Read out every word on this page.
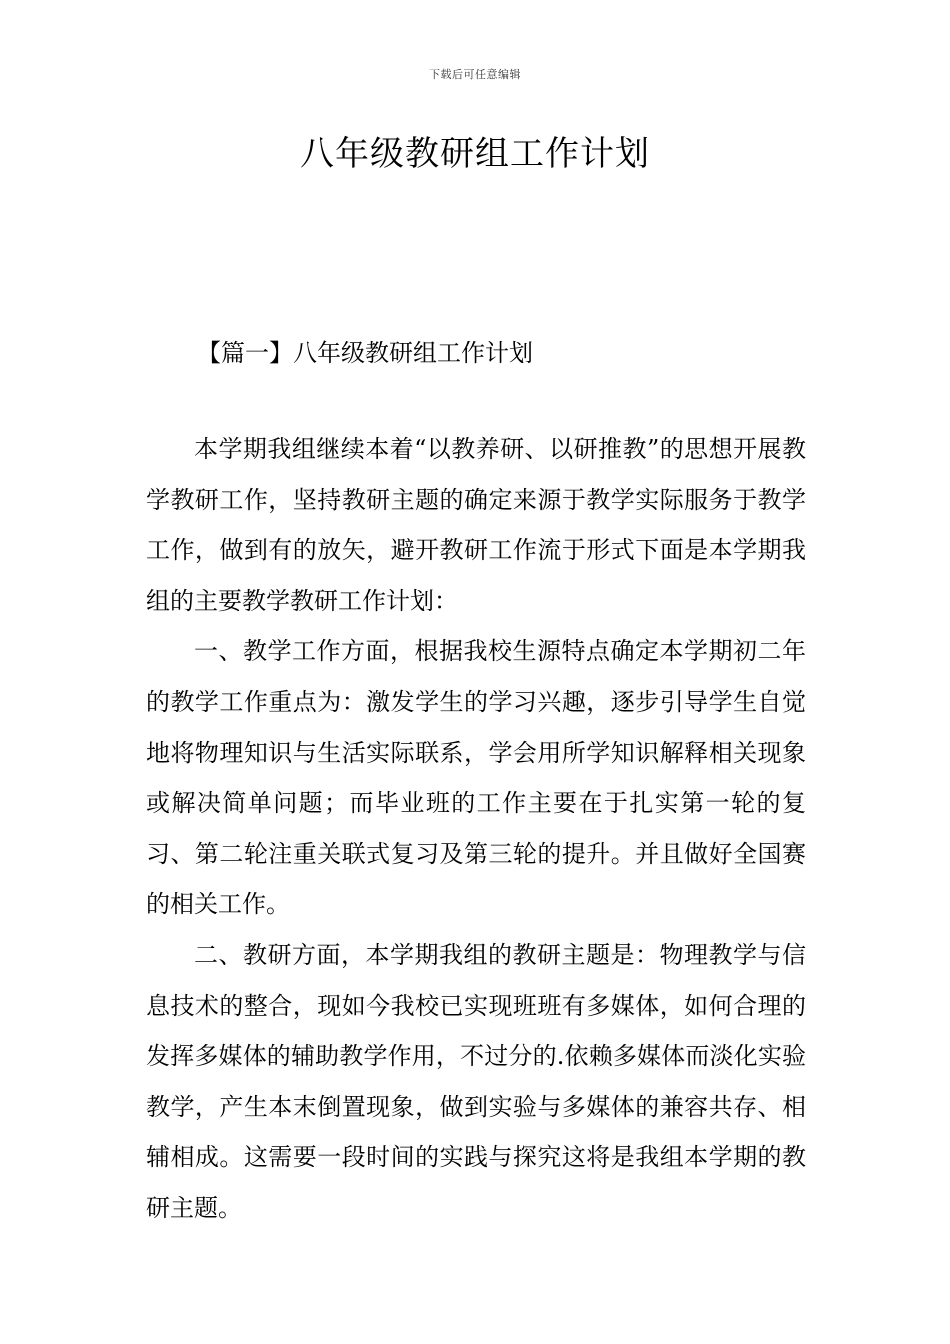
下载后可任意编辑
八年级教研组工作计划
【篇一】八年级教研组工作计划

本学期我组继续本着“以教养研、以研推教”的思想开展教学教研工作，坚持教研主题的确定来源于教学实际服务于教学工作，做到有的放矢，避开教研工作流于形式下面是本学期我组的主要教学教研工作计划：

一、教学工作方面，根据我校生源特点确定本学期初二年的教学工作重点为：激发学生的学习兴趣，逐步引导学生自觉地将物理知识与生活实际联系，学会用所学知识解释相关现象或解决简单问题；而毕业班的工作主要在于扎实第一轮的复习、第二轮注重关联式复习及第三轮的提升。并且做好全国赛的相关工作。

二、教研方面，本学期我组的教研主题是：物理教学与信息技术的整合，现如今我校已实现班班有多媒体，如何合理的发挥多媒体的辅助教学作用，不过分的.依赖多媒体而淡化实验教学，产生本末倒置现象，做到实验与多媒体的兼容共存、相辅相成。这需要一段时间的实践与探究这将是我组本学期的教研主题。
